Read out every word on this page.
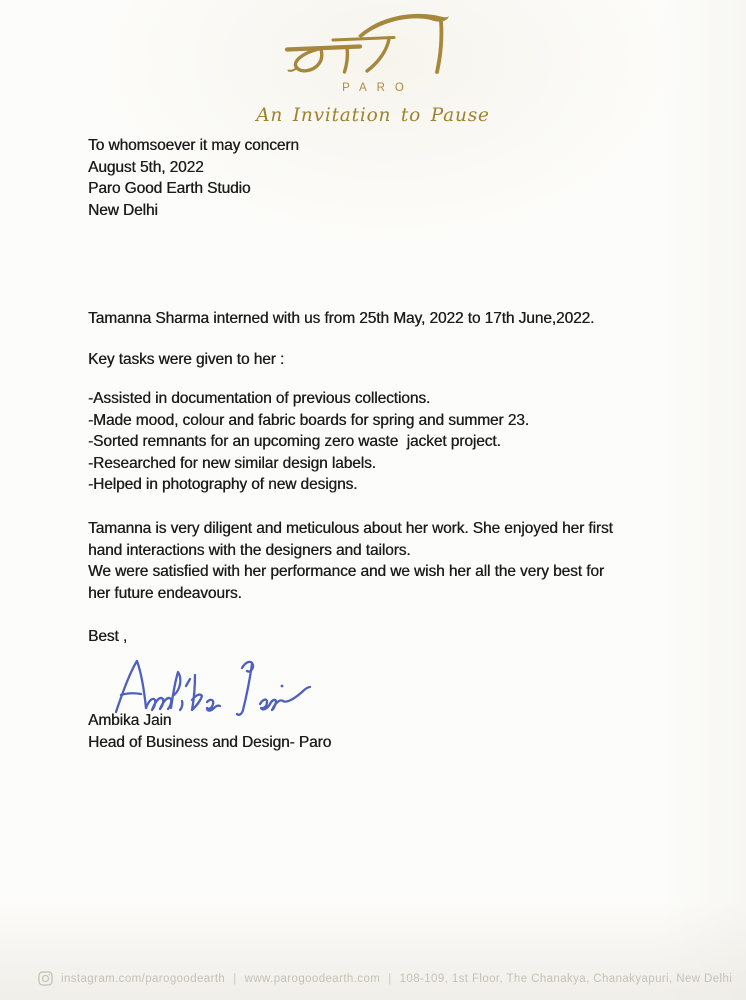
PARO
An Invitation to Pause
To whomsoever it may concern
August 5th, 2022
Paro Good Earth Studio
New Delhi
Tamanna Sharma interned with us from 25th May, 2022 to 17th June,2022.
Key tasks were given to her :
-Assisted in documentation of previous collections.
-Made mood, colour and fabric boards for spring and summer 23.
-Sorted remnants for an upcoming zero waste  jacket project.
-Researched for new similar design labels.
-Helped in photography of new designs.
Tamanna is very diligent and meticulous about her work. She enjoyed her first
hand interactions with the designers and tailors.
We were satisfied with her performance and we wish her all the very best for
her future endeavours.
Best ,
Ambika Jain
Head of Business and Design- Paro
instagram.com/parogoodearth | www.parogoodearth.com | 108-109, 1st Floor, The Chanakya, Chanakyapuri, New Delhi
